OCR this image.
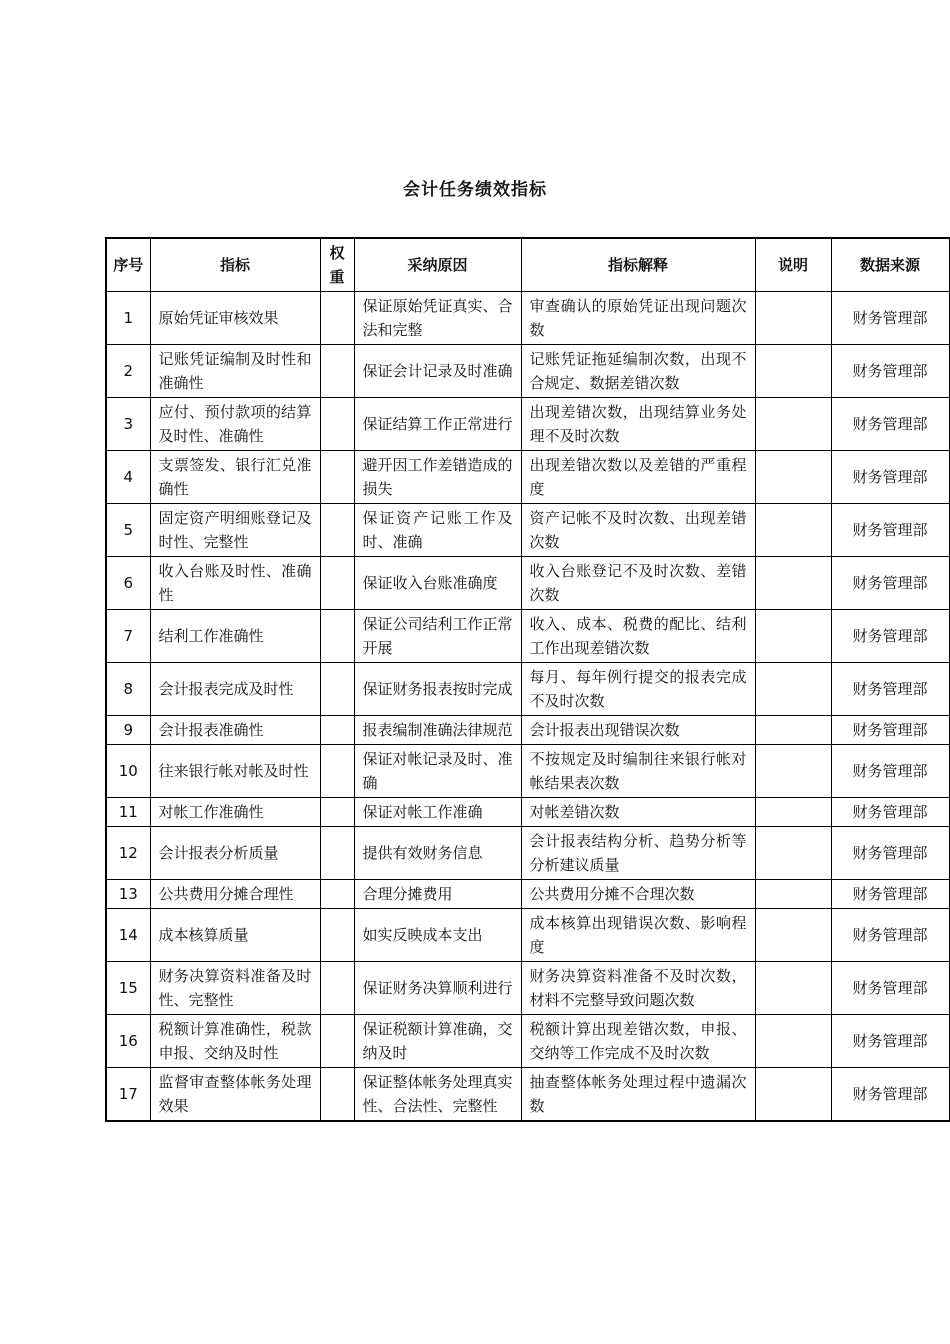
会计任务绩效指标
序号	指标	权重	采纳原因	指标解释	说明	数据来源
1	原始凭证审核效果		保证原始凭证真实、合法和完整	审查确认的原始凭证出现问题次数		财务管理部
2	记账凭证编制及时性和准确性		保证会计记录及时准确	记账凭证拖延编制次数，出现不合规定、数据差错次数		财务管理部
3	应付、预付款项的结算及时性、准确性		保证结算工作正常进行	出现差错次数，出现结算业务处理不及时次数		财务管理部
4	支票签发、银行汇兑准确性		避开因工作差错造成的损失	出现差错次数以及差错的严重程度		财务管理部
5	固定资产明细账登记及时性、完整性		保证资产记账工作及时、准确	资产记帐不及时次数、出现差错次数		财务管理部
6	收入台账及时性、准确性		保证收入台账准确度	收入台账登记不及时次数、差错次数		财务管理部
7	结利工作准确性		保证公司结利工作正常开展	收入、成本、税费的配比、结利工作出现差错次数		财务管理部
8	会计报表完成及时性		保证财务报表按时完成	每月、每年例行提交的报表完成不及时次数		财务管理部
9	会计报表准确性		报表编制准确法律规范	会计报表出现错误次数		财务管理部
10	往来银行帐对帐及时性		保证对帐记录及时、准确	不按规定及时编制往来银行帐对帐结果表次数		财务管理部
11	对帐工作准确性		保证对帐工作准确	对帐差错次数		财务管理部
12	会计报表分析质量		提供有效财务信息	会计报表结构分析、趋势分析等分析建议质量		财务管理部
13	公共费用分摊合理性		合理分摊费用	公共费用分摊不合理次数		财务管理部
14	成本核算质量		如实反映成本支出	成本核算出现错误次数、影响程度		财务管理部
15	财务决算资料准备及时性、完整性		保证财务决算顺利进行	财务决算资料准备不及时次数，材料不完整导致问题次数		财务管理部
16	税额计算准确性，税款申报、交纳及时性		保证税额计算准确，交纳及时	税额计算出现差错次数，申报、交纳等工作完成不及时次数		财务管理部
17	监督审查整体帐务处理效果		保证整体帐务处理真实性、合法性、完整性	抽查整体帐务处理过程中遗漏次数		财务管理部
